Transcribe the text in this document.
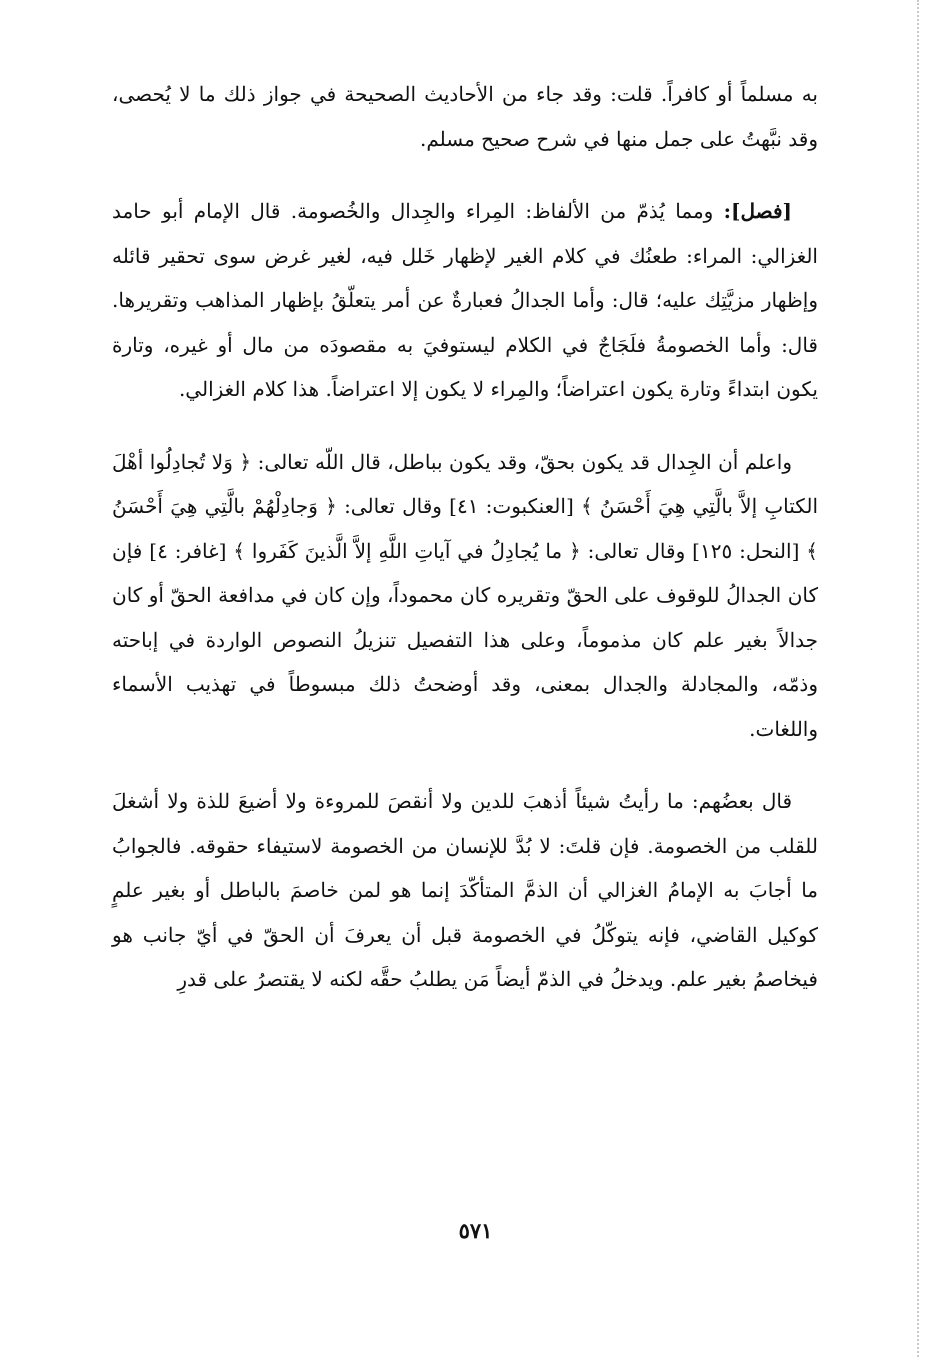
به مسلماً أو كافراً. قلت: وقد جاء من الأحاديث الصحيحة في جواز ذلك ما لا يُحصى، وقد نبَّهتُ على جمل منها في شرح صحيح مسلم.

[فصل]: ومما يُذمّ من الألفاظ: المِراء والجِدال والخُصومة. قال الإمام أبو حامد الغزالي: المراء: طعنُك في كلام الغير لإظهار خَلل فيه، لغير غرض سوى تحقير قائله وإظهار مزيَّتِك عليه؛ قال: وأما الجدالُ فعبارةٌ عن أمر يتعلّقُ بإظهار المذاهب وتقريرها. قال: وأما الخصومةُ فلَجَاجٌ في الكلام ليستوفيَ به مقصودَه من مال أو غيره، وتارة يكون ابتداءً وتارة يكون اعتراضاً؛ والمِراء لا يكون إلا اعتراضاً. هذا كلام الغزالي.

واعلم أن الجِدال قد يكون بحقّ، وقد يكون بباطل، قال اللّه تعالى: ﴿ وَلا تُجادِلُوا أهْلَ الكتابِ إلاَّ بالَّتِي هِيَ أَحْسَنُ ﴾ [العنكبوت: ٤١] وقال تعالى: ﴿ وَجادِلْهُمْ بالَّتِي هِيَ أَحْسَنُ ﴾ [النحل: ١٢٥] وقال تعالى: ﴿ ما يُجادِلُ في آياتِ اللَّهِ إلاَّ الَّذينَ كَفَروا ﴾ [غافر: ٤] فإن كان الجدالُ للوقوف على الحقّ وتقريره كان محموداً، وإن كان في مدافعة الحقّ أو كان جدالاً بغير علم كان مذموماً، وعلى هذا التفصيل تنزيلُ النصوص الواردة في إباحته وذمّه، والمجادلة والجدال بمعنى، وقد أوضحتُ ذلك مبسوطاً في تهذيب الأسماء واللغات.

قال بعضُهم: ما رأيتُ شيئاً أذهبَ للدين ولا أنقصَ للمروءة ولا أضيعَ للذة ولا أشغلَ للقلب من الخصومة. فإن قلتَ: لا بُدَّ للإنسان من الخصومة لاستيفاء حقوقه. فالجوابُ ما أجابَ به الإمامُ الغزالي أن الذمَّ المتأكّدَ إنما هو لمن خاصمَ بالباطل أو بغير علمٍ كوكيل القاضي، فإنه يتوكّلُ في الخصومة قبل أن يعرفَ أن الحقّ في أيّ جانب هو فيخاصمُ بغير علم. ويدخلُ في الذمّ أيضاً مَن يطلبُ حقَّه لكنه لا يقتصرُ على قدرِ

٥٧١
